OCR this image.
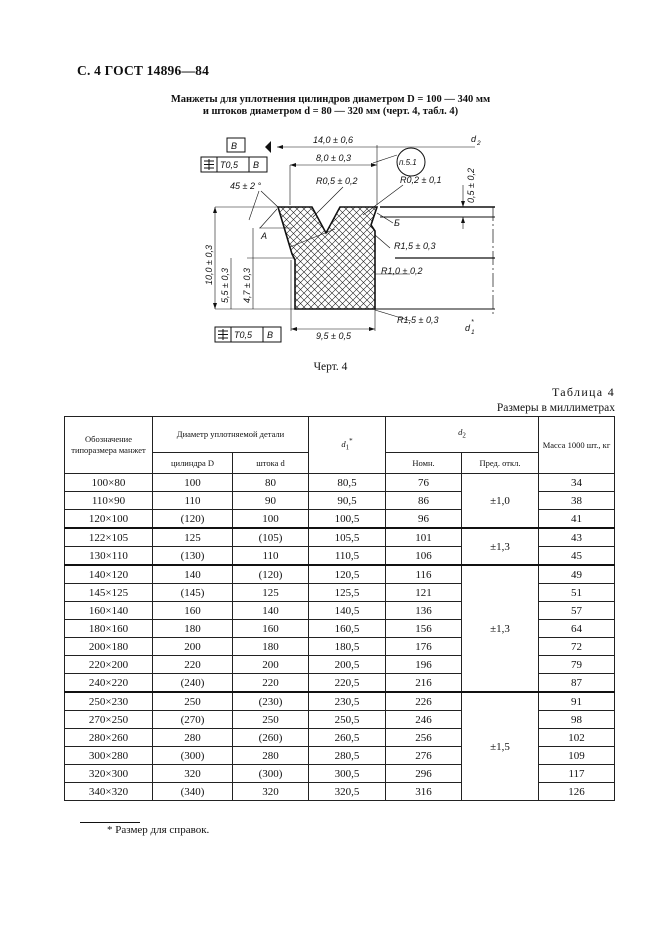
С. 4 ГОСТ 14896—84
Манжеты для уплотнения цилиндров диаметром D = 100 — 340 мм
и штоков диаметром d = 80 — 320 мм (черт. 4, табл. 4)
В
T0,5 В
14,0 ± 0,6	d 2
8,0 ± 0,3	п.5.1
45 ± 2 °	R0,5 ± 0,2	R0,2 ± 0,1	0,5 ± 0,2
А
Б
R1,5 ± 0,3
R1,0 ± 0,2
10,0 ± 0,3
5,5 ± 0,3 4,7 ± 0,3
R1,5 ± 0,3
9,5 ± 0,5
d 1
*
T0,5 В
Черт. 4
Таблица 4
Размеры в миллиметрах
Обозначение типоразмера манжет	Диаметр уплотняемой детали		$d_1^*$	$d_2$		Масса 1000 шт., кг
	цилиндра D	штока d		Номн.	Пред. откл.	
100×80	100	80	80,5	76	±1,0	34
110×90	110	90	90,5	86		38
120×100	(120)	100	100,5	96		41
122×105	125	(105)	105,5	101	±1,3	43
130×110	(130)	110	110,5	106		45
140×120	140	(120)	120,5	116	±1,3	49
145×125	(145)	125	125,5	121		51
160×140	160	140	140,5	136		57
180×160	180	160	160,5	156		64
200×180	200	180	180,5	176		72
220×200	220	200	200,5	196		79
240×220	(240)	220	220,5	216		87
250×230	250	(230)	230,5	226	±1,5	91
270×250	(270)	250	250,5	246		98
280×260	280	(260)	260,5	256		102
300×280	(300)	280	280,5	276		109
320×300	320	(300)	300,5	296		117
340×320	(340)	320	320,5	316		126
* Размер для справок.
